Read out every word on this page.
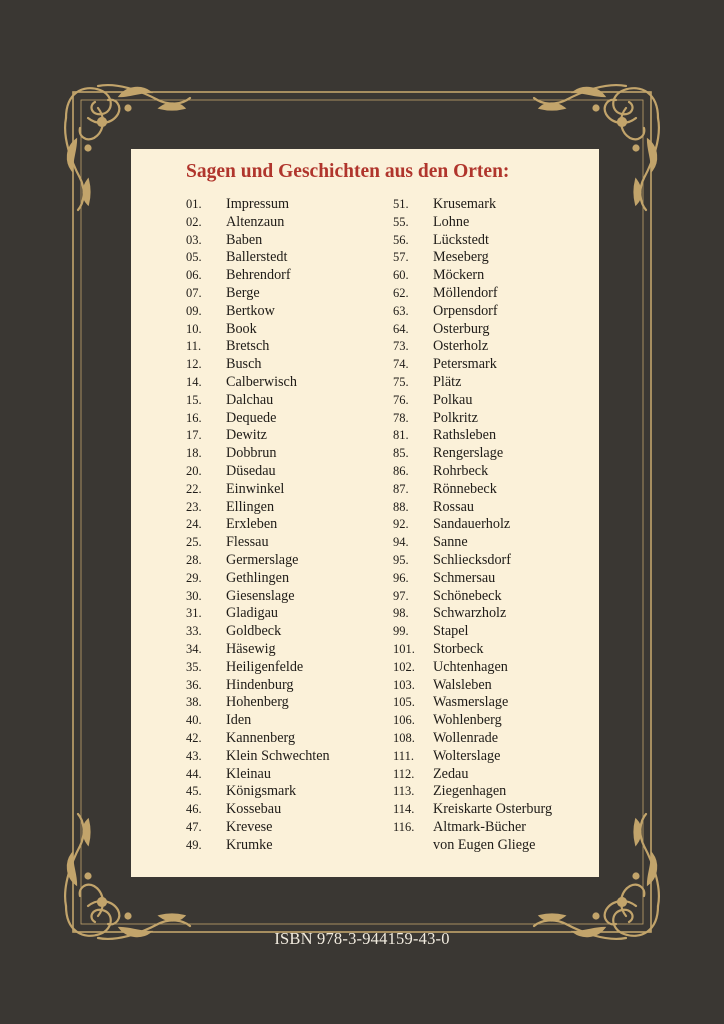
Sagen und Geschichten aus den Orten:
01.	Impressum
02.	Altenzaun
03.	Baben
05.	Ballerstedt
06.	Behrendorf
07.	Berge
09.	Bertkow
10.	Book
11.	Bretsch
12.	Busch
14.	Calberwisch
15.	Dalchau
16.	Dequede
17.	Dewitz
18.	Dobbrun
20.	Düsedau
22.	Einwinkel
23.	Ellingen
24.	Erxleben
25.	Flessau
28.	Germerslage
29.	Gethlingen
30.	Giesenslage
31.	Gladigau
33.	Goldbeck
34.	Häsewig
35.	Heiligenfelde
36.	Hindenburg
38.	Hohenberg
40.	Iden
42.	Kannenberg
43.	Klein Schwechten
44.	Kleinau
45.	Königsmark
46.	Kossebau
47.	Krevese
49.	Krumke
51.	Krusemark
55.	Lohne
56.	Lückstedt
57.	Meseberg
60.	Möckern
62.	Möllendorf
63.	Orpensdorf
64.	Osterburg
73.	Osterholz
74.	Petersmark
75.	Plätz
76.	Polkau
78.	Polkritz
81.	Rathsleben
85.	Rengerslage
86.	Rohrbeck
87.	Rönnebeck
88.	Rossau
92.	Sandauerholz
94.	Sanne
95.	Schliecksdorf
96.	Schmersau
97.	Schönebeck
98.	Schwarzholz
99.	Stapel
101.	Storbeck
102.	Uchtenhagen
103.	Walsleben
105.	Wasmerslage
106.	Wohlenberg
108.	Wollenrade
111.	Wolterslage
112.	Zedau
113.	Ziegenhagen
114.	Kreiskarte Osterburg
116.	Altmark-Bücher
von Eugen Gliege
ISBN 978-3-944159-43-0
